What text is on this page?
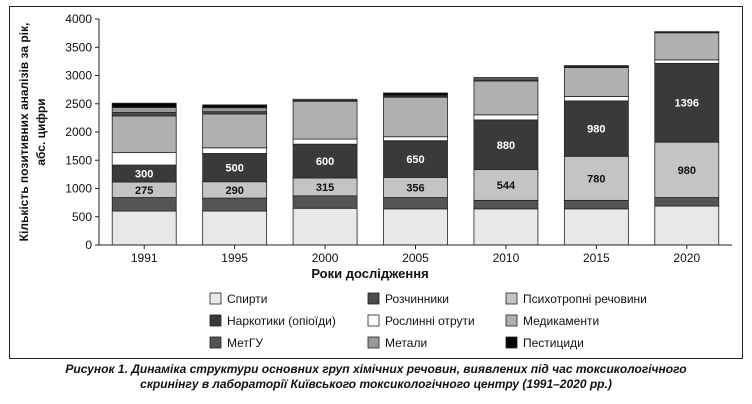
Кількість позитивних аналізів за рік, абс. цифри
0
500
1000
1500
2000
2500
3000
3500
4000
275
300
290
500
315
600
356
650
544
880
780
980
980
1396
1991	1995	2000	2005	2010	2015	2020
Роки дослідження
Спирти	Розчинники	Психотропні речовини
Наркотики (опіоїди)	Рослинні отрути	Медикаменти
МетГУ	Метали	Пестициди
Рисунок 1. Динаміка структури основних груп хімічних речовин, виявлених під час токсикологічного
скринінгу в лабораторії Київського токсикологічного центру (1991–2020 рр.)
